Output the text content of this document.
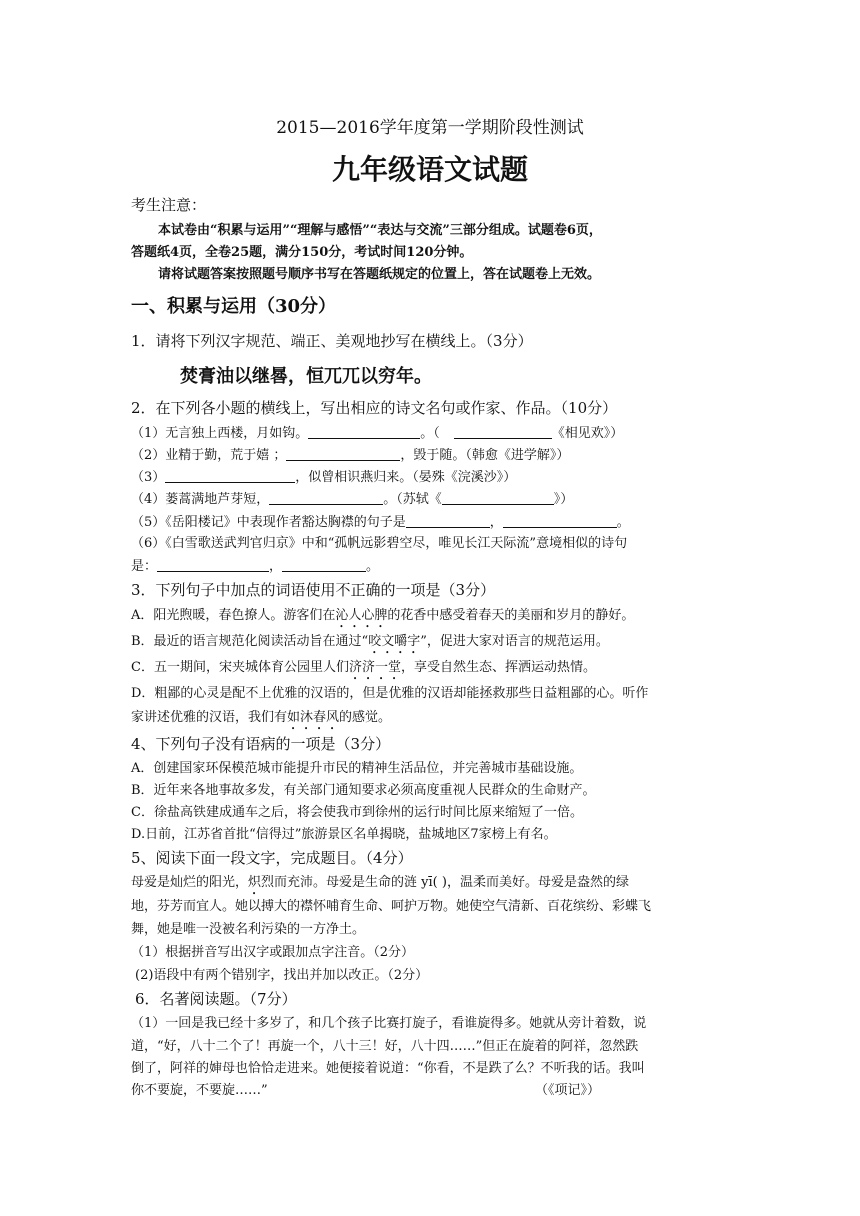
2015—2016学年度第一学期阶段性测试
九年级语文试题
考生注意：
本试卷由“积累与运用”“理解与感悟”“表达与交流”三部分组成。试题卷6页，
答题纸4页，全卷25题，满分150分，考试时间120分钟。
请将试题答案按照题号顺序书写在答题纸规定的位置上，答在试题卷上无效。
一、积累与运用（30分）
1．请将下列汉字规范、端正、美观地抄写在横线上。（3分）
焚膏油以继晷，恒兀兀以穷年。
2．在下列各小题的横线上，写出相应的诗文名句或作家、作品。（10分）
（1）无言独上西楼，月如钩。	。（	《相见欢》）
（2）业精于勤，荒于嬉 ；	，毁于随。（韩愈《进学解》）
（3）	，似曾相识燕归来。（晏殊《浣溪沙》）
（4）蒌蒿满地芦芽短，	。（苏轼《	》）
（5）《岳阳楼记》中表现作者豁达胸襟的句子是	，	。
（6）《白雪歌送武判官归京》中和“孤帆远影碧空尽，唯见长江天际流”意境相似的诗句
是：	，	。
3．下列句子中加点的词语使用不正确的一项是（3分）
A．阳光煦暖，春色撩人。游客们在沁人心脾的花香中感受着春天的美丽和岁月的静好。
B．最近的语言规范化阅读活动旨在通过“咬文嚼字”，促进大家对语言的规范运用。
C．五一期间，宋夹城体育公园里人们济济一堂，享受自然生态、挥洒运动热情。
D．粗鄙的心灵是配不上优雅的汉语的，但是优雅的汉语却能拯救那些日益粗鄙的心。听作
家讲述优雅的汉语，我们有如沐春风的感觉。
4、下列句子没有语病的一项是（3分）
A．创建国家环保模范城市能提升市民的精神生活品位，并完善城市基础设施。
B．近年来各地事故多发，有关部门通知要求必须高度重视人民群众的生命财产。
C．徐盐高铁建成通车之后，将会使我市到徐州的运行时间比原来缩短了一倍。
D.日前，江苏省首批“信得过”旅游景区名单揭晓，盐城地区7家榜上有名。
5、阅读下面一段文字，完成题目。（4分）
母爱是灿烂的阳光，炽烈而充沛。母爱是生命的涟 yī( )，温柔而美好。母爱是盎然的绿
地，芬芳而宜人。她以搏大的襟怀哺育生命、呵护万物。她使空气清新、百花缤纷、彩蝶飞
舞，她是唯一没被名利污染的一方净土。
（1）根据拼音写出汉字或跟加点字注音。（2分）
(2)语段中有两个错别字，找出并加以改正。（2分）
6．名著阅读题。（7分）
（1）一回是我已经十多岁了，和几个孩子比赛打旋子，看谁旋得多。她就从旁计着数，说
道，“好，八十二个了！再旋一个，八十三！好，八十四……”但正在旋着的阿祥，忽然跌
倒了，阿祥的婶母也恰恰走进来。她便接着说道：“你看，不是跌了么？不听我的话。我叫
你不要旋，不要旋……”	（《项记》）
